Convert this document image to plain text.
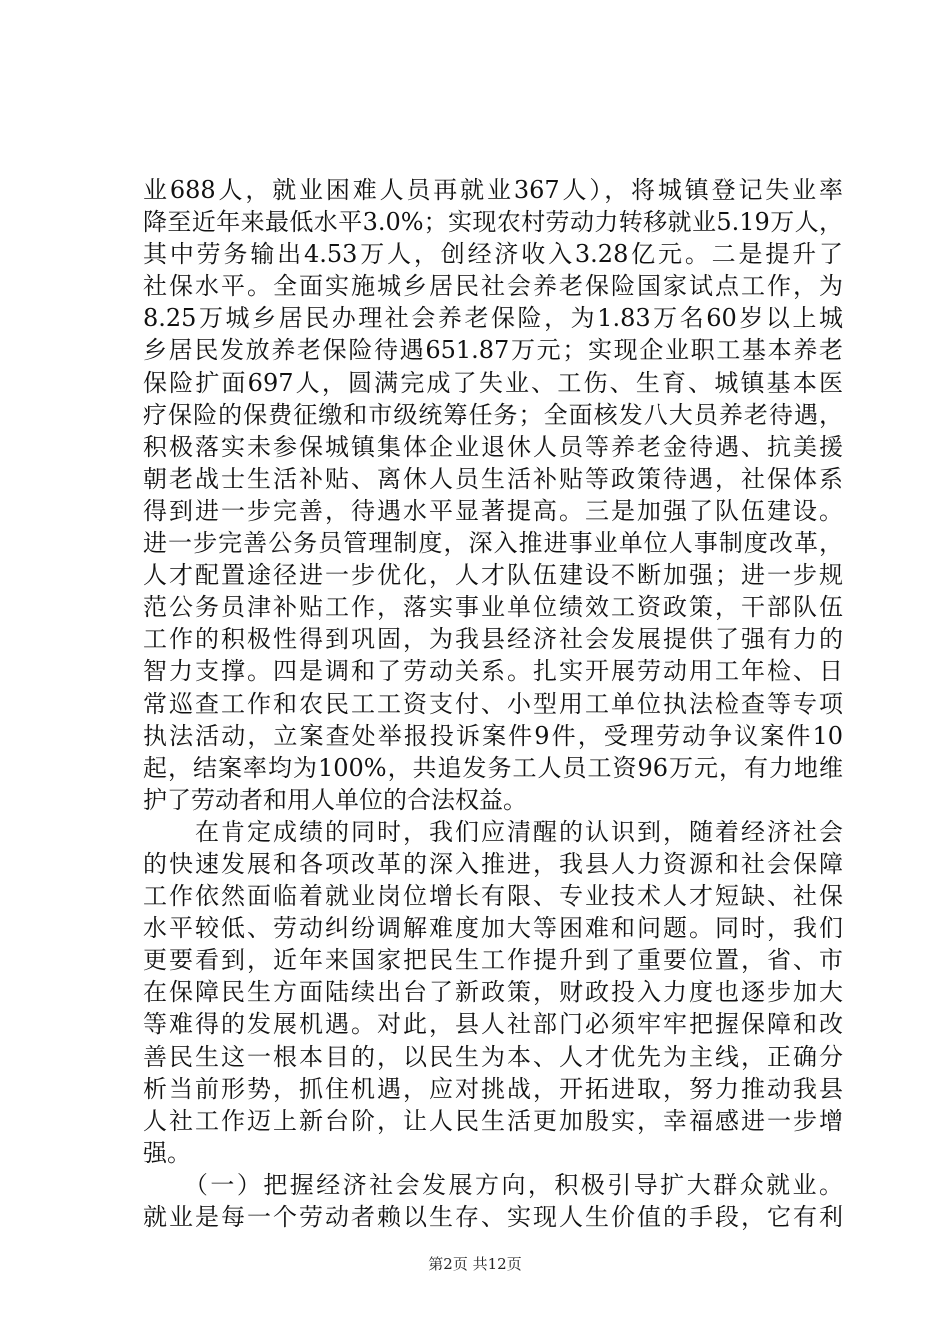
业688人，就业困难人员再就业367人），将城镇登记失业率
降至近年来最低水平3.0%；实现农村劳动力转移就业5.19万人，
其中劳务输出4.53万人，创经济收入3.28亿元。二是提升了
社保水平。全面实施城乡居民社会养老保险国家试点工作，为
8.25万城乡居民办理社会养老保险，为1.83万名60岁以上城
乡居民发放养老保险待遇651.87万元；实现企业职工基本养老
保险扩面697人，圆满完成了失业、工伤、生育、城镇基本医
疗保险的保费征缴和市级统筹任务；全面核发八大员养老待遇，
积极落实未参保城镇集体企业退休人员等养老金待遇、抗美援
朝老战士生活补贴、离休人员生活补贴等政策待遇，社保体系
得到进一步完善，待遇水平显著提高。三是加强了队伍建设。
进一步完善公务员管理制度，深入推进事业单位人事制度改革，
人才配置途径进一步优化，人才队伍建设不断加强；进一步规
范公务员津补贴工作，落实事业单位绩效工资政策，干部队伍
工作的积极性得到巩固，为我县经济社会发展提供了强有力的
智力支撑。四是调和了劳动关系。扎实开展劳动用工年检、日
常巡查工作和农民工工资支付、小型用工单位执法检查等专项
执法活动，立案查处举报投诉案件9件，受理劳动争议案件10
起，结案率均为100%，共追发务工人员工资96万元，有力地维
护了劳动者和用人单位的合法权益。
　　在肯定成绩的同时，我们应清醒的认识到，随着经济社会
的快速发展和各项改革的深入推进，我县人力资源和社会保障
工作依然面临着就业岗位增长有限、专业技术人才短缺、社保
水平较低、劳动纠纷调解难度加大等困难和问题。同时，我们
更要看到，近年来国家把民生工作提升到了重要位置，省、市
在保障民生方面陆续出台了新政策，财政投入力度也逐步加大
等难得的发展机遇。对此，县人社部门必须牢牢把握保障和改
善民生这一根本目的，以民生为本、人才优先为主线，正确分
析当前形势，抓住机遇，应对挑战，开拓进取，努力推动我县
人社工作迈上新台阶，让人民生活更加殷实，幸福感进一步增
强。
　　（一）把握经济社会发展方向，积极引导扩大群众就业。
就业是每一个劳动者赖以生存、实现人生价值的手段，它有利
第2页 共12页
